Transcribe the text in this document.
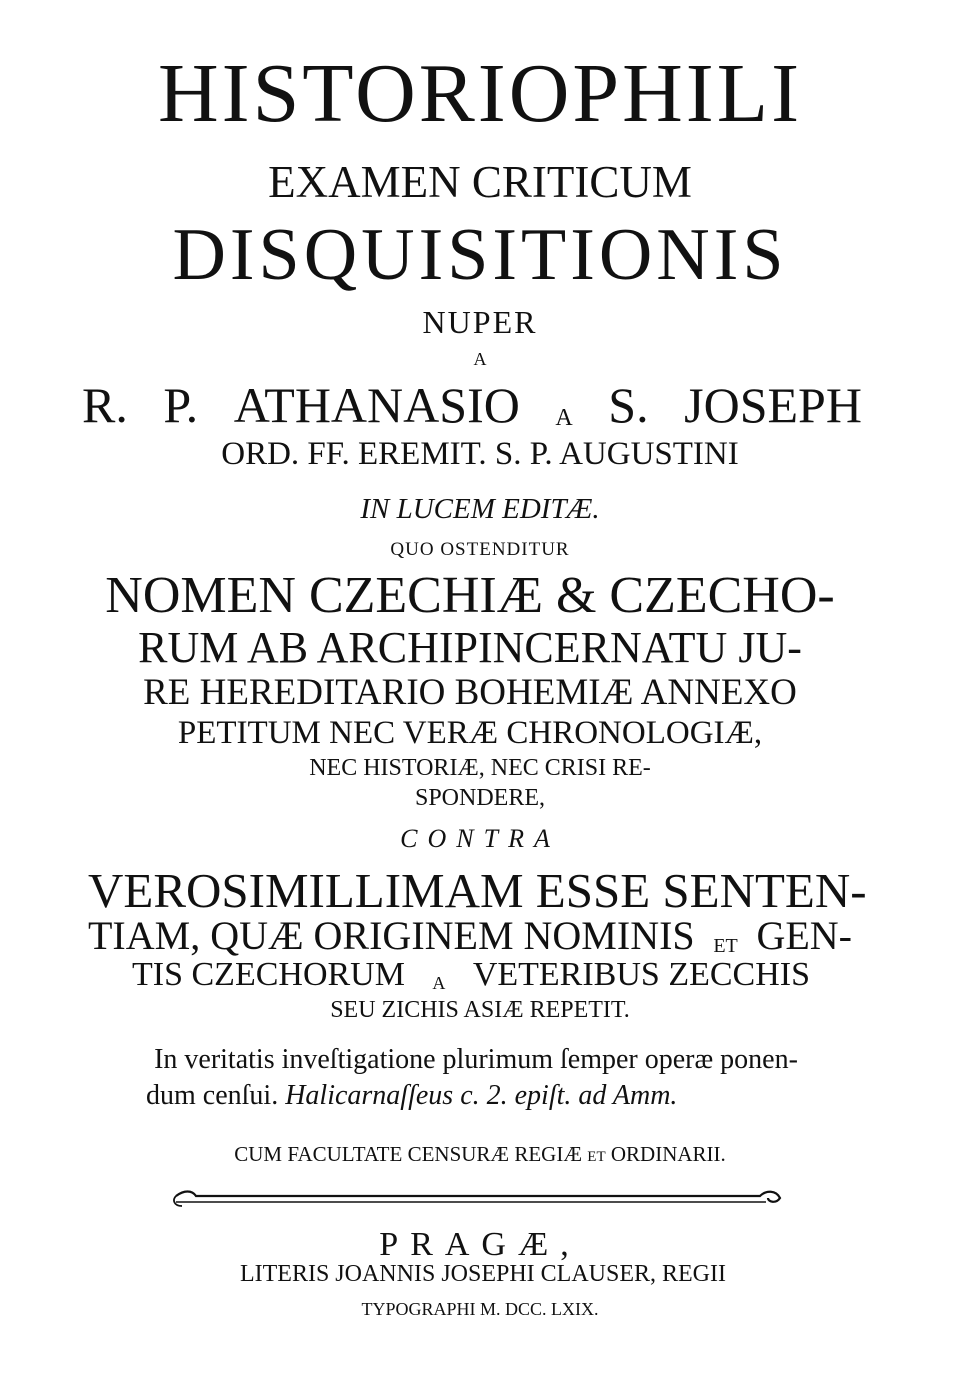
HISTORIOPHILI

EXAMEN CRITICUM

DISQUISITIONIS

NUPER

A

R. P. ATHANASIO A S. JOSEPH

ORD. FF. EREMIT. S. P. AUGUSTINI

IN LUCEM EDITÆ.

QUO OSTENDITUR

NOMEN CZECHIÆ & CZECHO-

RUM AB ARCHIPINCERNATU JU-

RE HEREDITARIO BOHEMIÆ ANNEXO

PETITUM NEC VERÆ CHRONOLOGIÆ,

NEC HISTORIÆ, NEC CRISI RE-

SPONDERE,

CONTRA

VEROSIMILLIMAM ESSE SENTEN-

TIAM, QUÆ ORIGINEM NOMINIS ET GEN-

TIS CZECHORUM A VETERIBUS ZECCHIS

SEU ZICHIS ASIÆ REPETIT.

In veritatis inveſtigatione plurimum ſemper operæ ponen-

dum cenſui. Halicarnaſſeus c. 2. epiſt. ad Amm.

CUM FACULTATE CENSURÆ REGIÆ ET ORDINARII.

PRAGÆ,

LITERIS JOANNIS JOSEPHI CLAUSER, REGII

TYPOGRAPHI M. DCC. LXIX.
